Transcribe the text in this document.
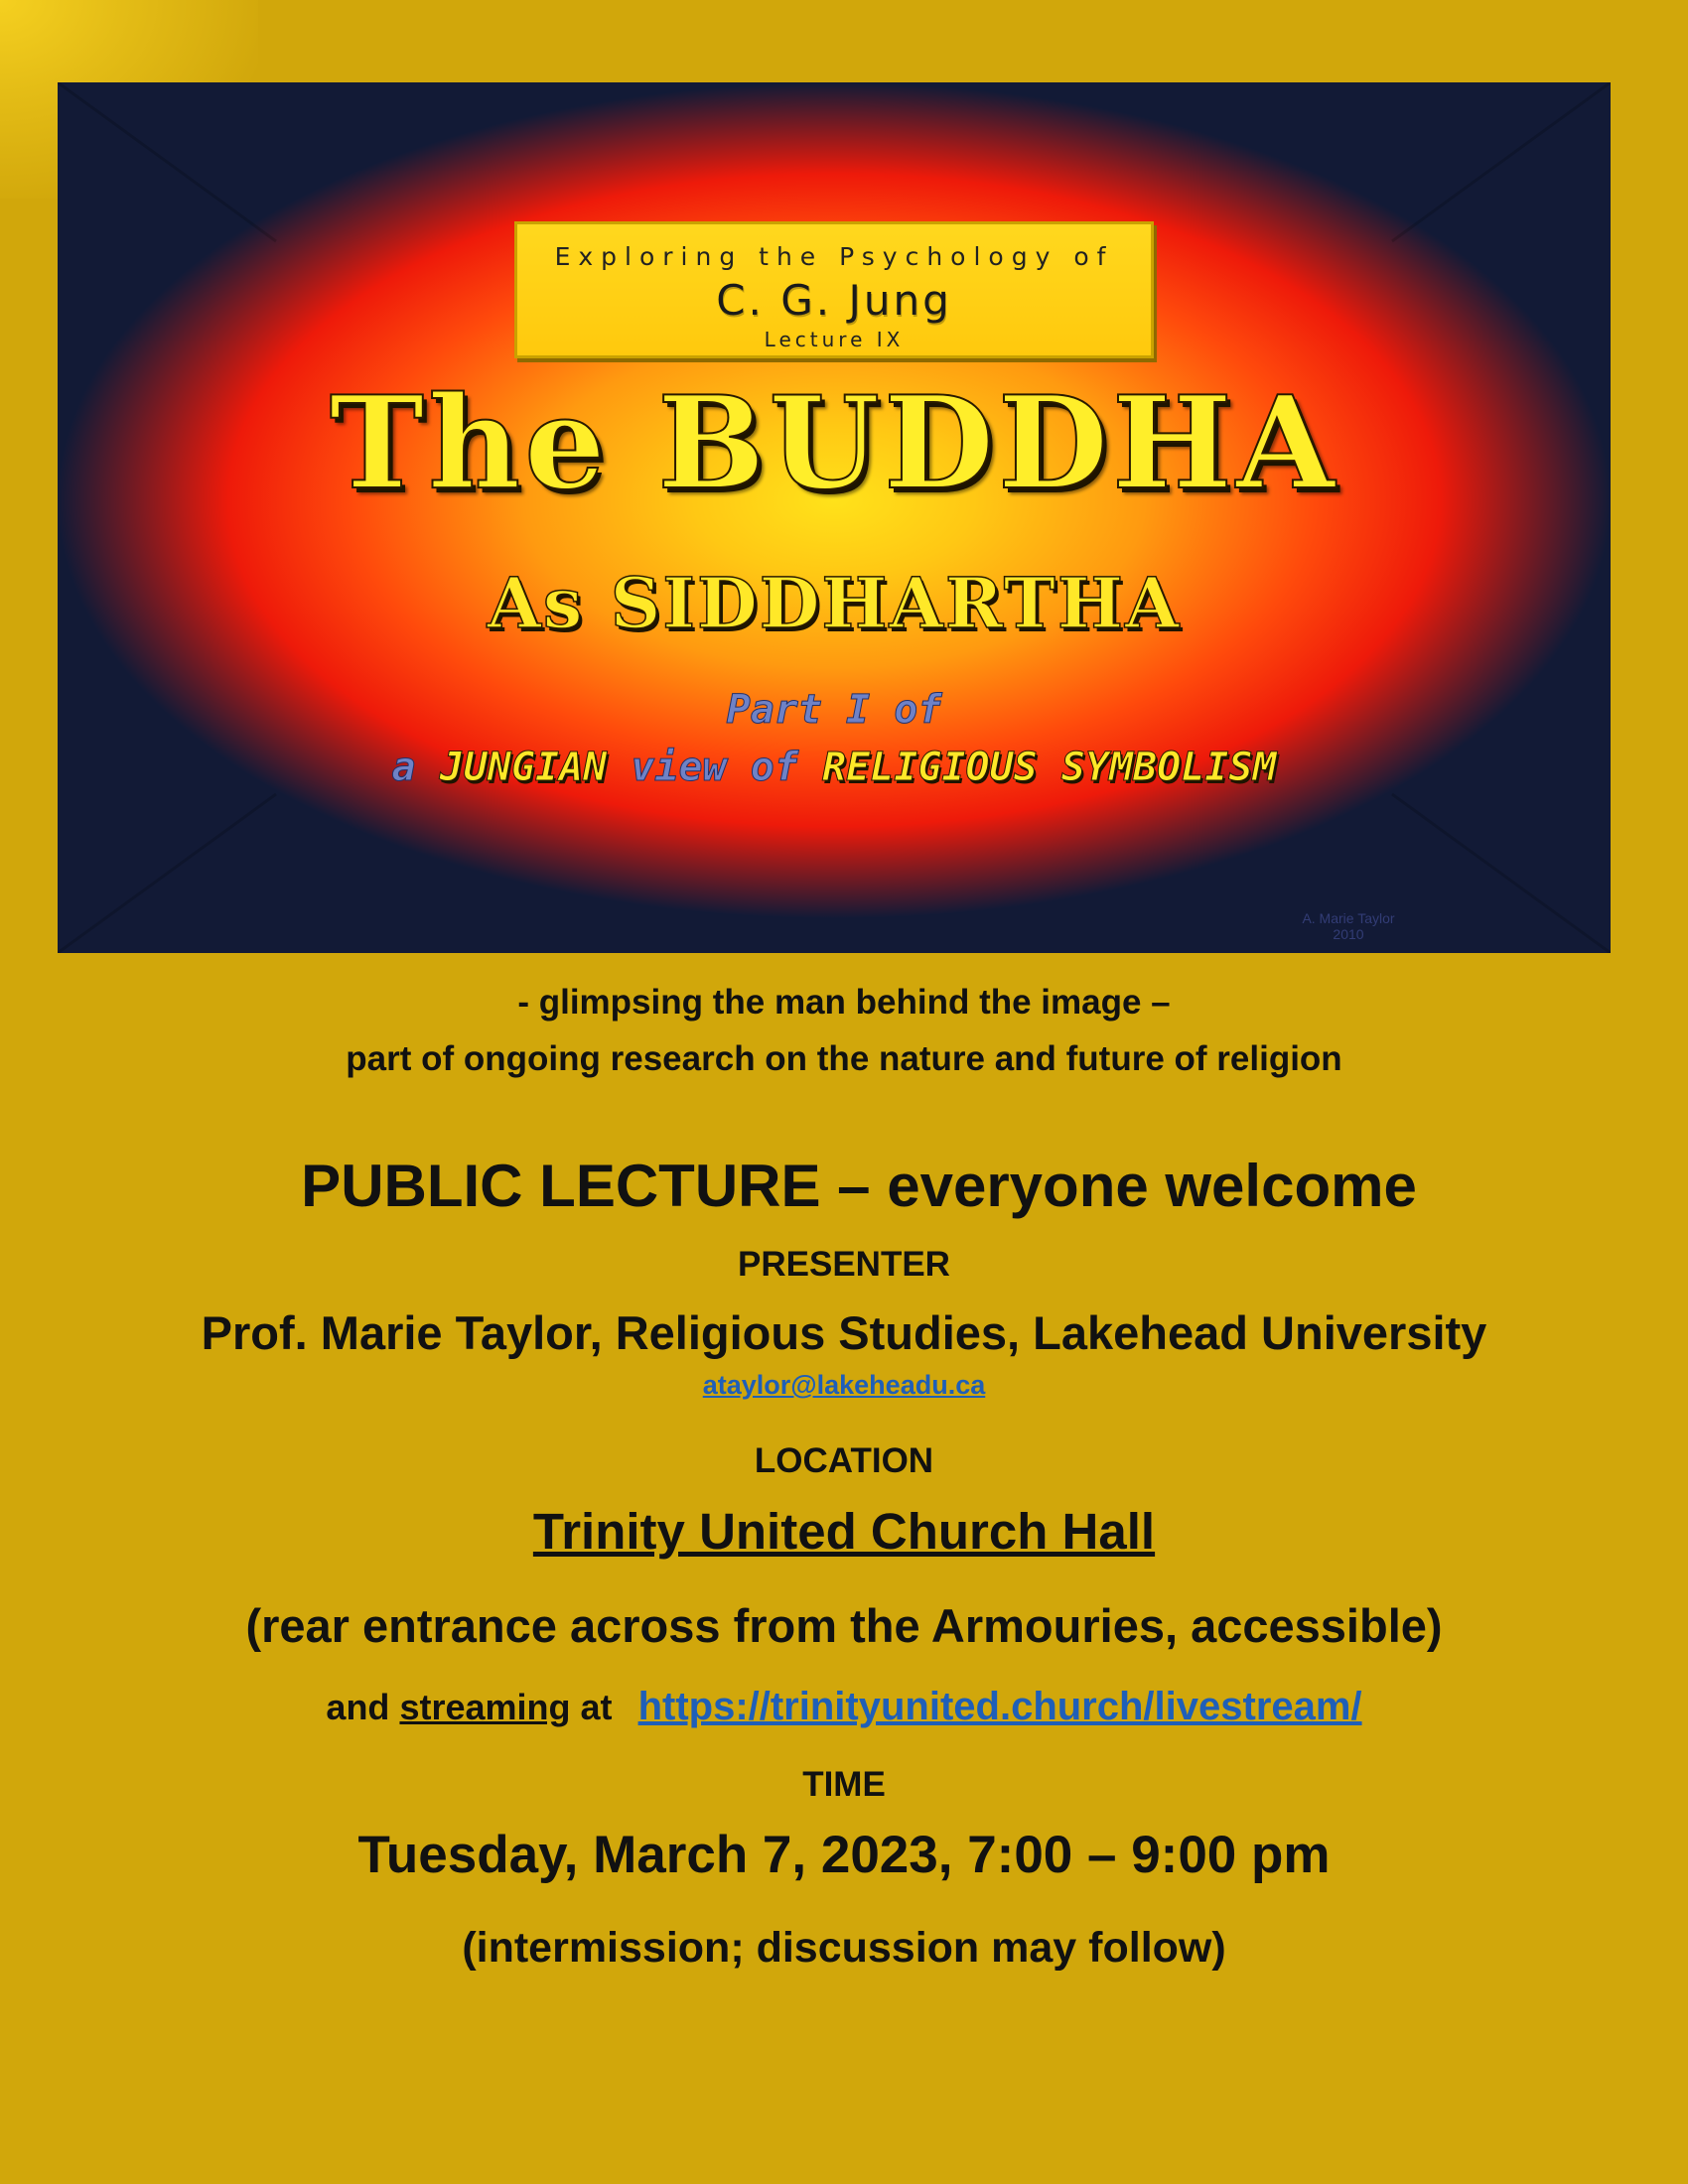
Exploring the Psychology of
C. G. Jung
Lecture IX
The BUDDHA
As SIDDHARTHA
Part I of
a JUNGIAN view of RELIGIOUS SYMBOLISM
A. Marie Taylor
2010
- glimpsing the man behind the image –
part of ongoing research on the nature and future of religion
PUBLIC LECTURE – everyone welcome
PRESENTER
Prof. Marie Taylor, Religious Studies, Lakehead University
ataylor@lakeheadu.ca
LOCATION
Trinity United Church Hall
(rear entrance across from the Armouries, accessible)
and streaming at https://trinityunited.church/livestream/
TIME
Tuesday, March 7, 2023, 7:00 – 9:00 pm
(intermission; discussion may follow)
